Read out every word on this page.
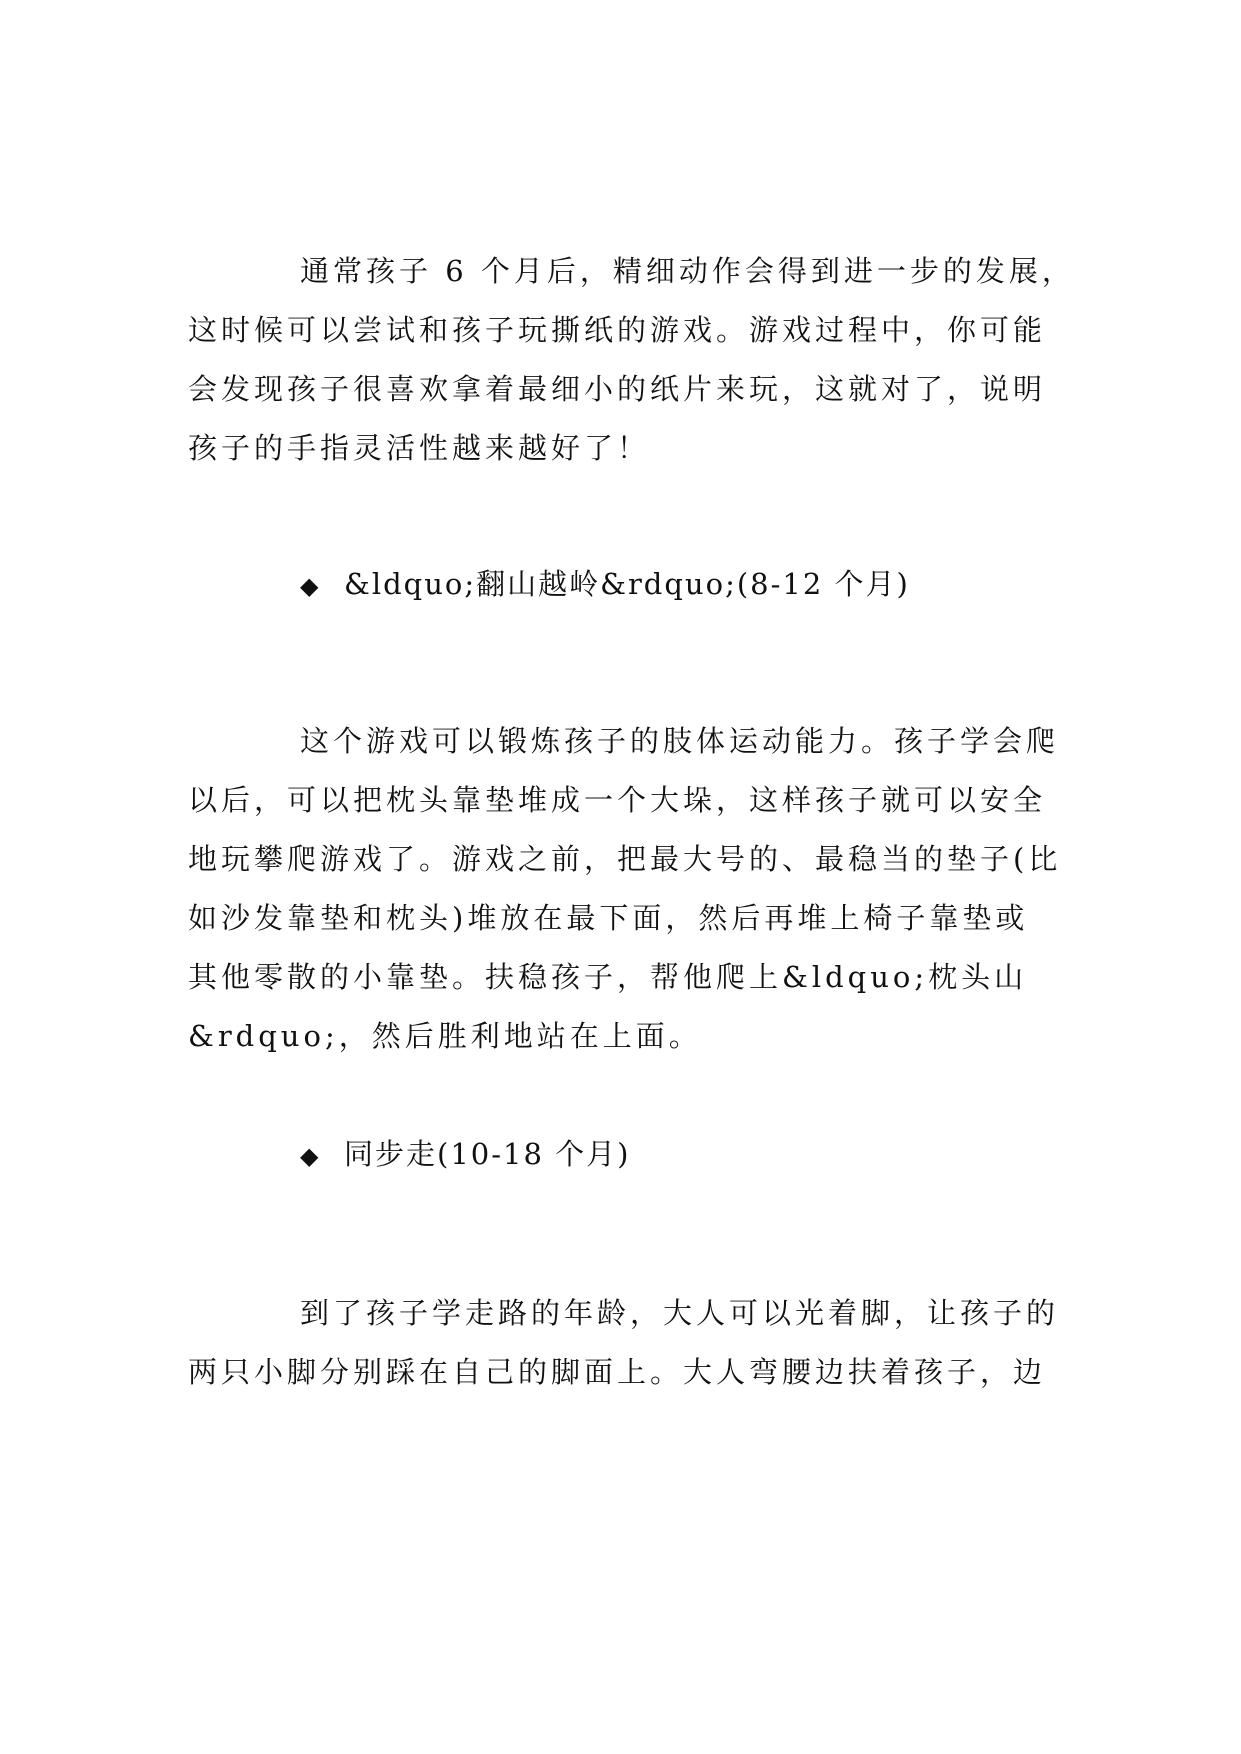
通常孩子 6 个月后，精细动作会得到进一步的发展，
这时候可以尝试和孩子玩撕纸的游戏。游戏过程中，你可能
会发现孩子很喜欢拿着最细小的纸片来玩，这就对了，说明
孩子的手指灵活性越来越好了！
◆ &ldquo;翻山越岭&rdquo;(8-12 个月)
这个游戏可以锻炼孩子的肢体运动能力。孩子学会爬
以后，可以把枕头靠垫堆成一个大垛，这样孩子就可以安全
地玩攀爬游戏了。游戏之前，把最大号的、最稳当的垫子(比
如沙发靠垫和枕头)堆放在最下面，然后再堆上椅子靠垫或
其他零散的小靠垫。扶稳孩子，帮他爬上&ldquo;枕头山
&rdquo;，然后胜利地站在上面。
◆ 同步走(10-18 个月)
到了孩子学走路的年龄，大人可以光着脚，让孩子的
两只小脚分别踩在自己的脚面上。大人弯腰边扶着孩子，边
